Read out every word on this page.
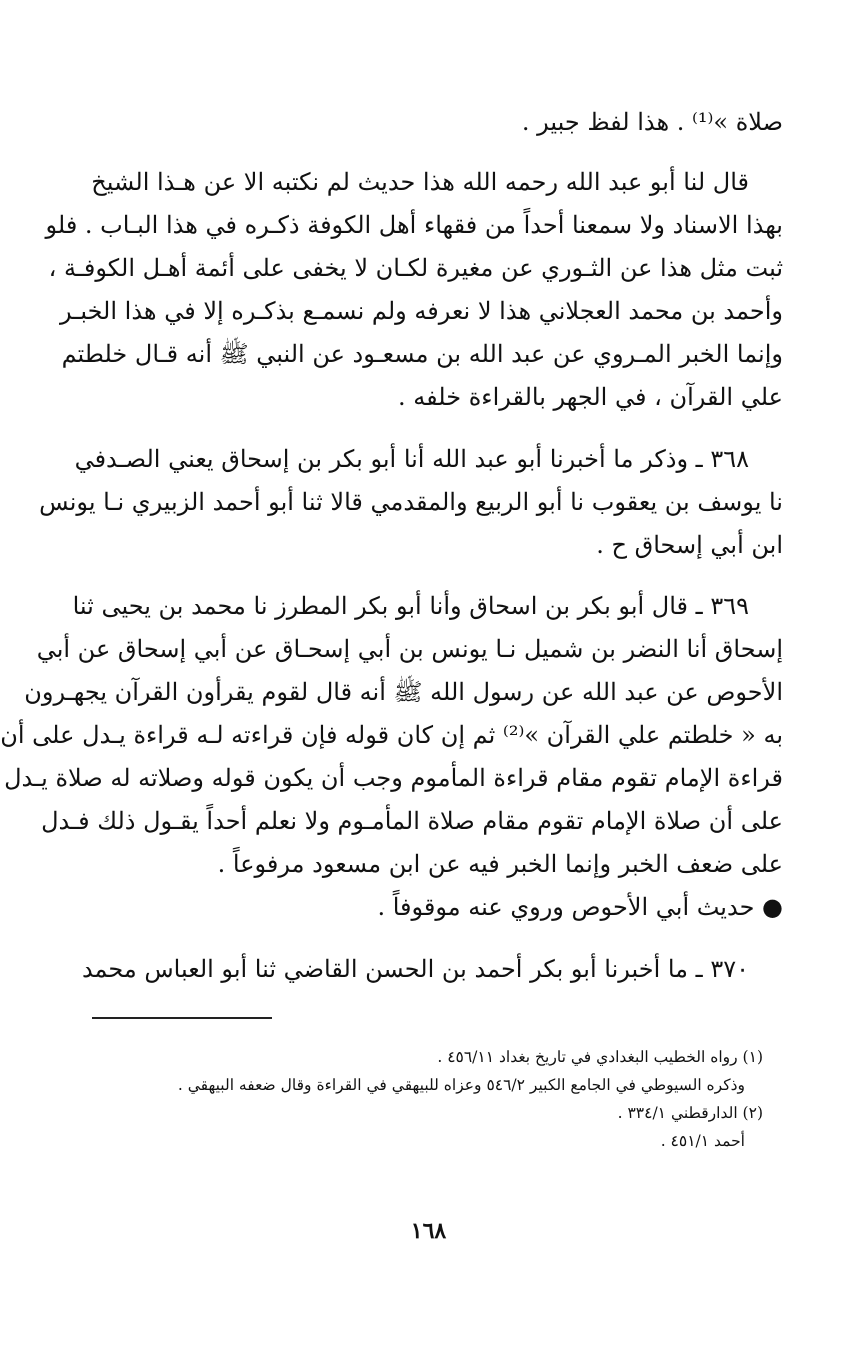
صلاة »⁽¹⁾ . هذا لفظ جبير .
قال لنا أبو عبد الله رحمه الله هذا حديث لم نكتبه الا عن هـذا الشيخ
بهذا الاسناد ولا سمعنا أحداً من فقهاء أهل الكوفة ذكـره في هذا البـاب . فلو
ثبت مثل هذا عن الثـوري عن مغيرة لكـان لا يخفى على أئمة أهـل الكوفـة ،
وأحمد بن محمد العجلاني هذا لا نعرفه ولم نسمـع بذكـره إلا في هذا الخبـر
وإنما الخبر المـروي عن عبد الله بن مسعـود عن النبي ﷺ أنه قـال خلطتم
علي القرآن ، في الجهر بالقراءة خلفه .
٣٦٨ ـ وذكر ما أخبرنا أبو عبد الله أنا أبو بكر بن إسحاق يعني الصـدفي
نا يوسف بن يعقوب نا أبو الربيع والمقدمي قالا ثنا أبو أحمد الزبيري نـا يونس
ابن أبي إسحاق ح .
٣٦٩ ـ قال أبو بكر بن اسحاق وأنا أبو بكر المطرز نا محمد بن يحيى ثنا
إسحاق أنا النضر بن شميل نـا يونس بن أبي إسحـاق عن أبي إسحاق عن أبي
الأحوص عن عبد الله عن رسول الله ﷺ أنه قال لقوم يقرأون القرآن يجهـرون
به « خلطتم علي القرآن »⁽²⁾ ثم إن كان قوله فإن قراءته لـه قراءة يـدل على أن
قراءة الإمام تقوم مقام قراءة المأموم وجب أن يكون قوله وصلاته له صلاة يـدل
على أن صلاة الإمام تقوم مقام صلاة المأمـوم ولا نعلم أحداً يقـول ذلك فـدل
على ضعف الخبر وإنما الخبر فيه عن ابن مسعود مرفوعاً .
● حديث أبي الأحوص وروي عنه موقوفاً .
٣٧٠ ـ ما أخبرنا أبو بكر أحمد بن الحسن القاضي ثنا أبو العباس محمد
(١) رواه الخطيب البغدادي في تاريخ بغداد ٤٥٦/١١ .
وذكره السيوطي في الجامع الكبير ٥٤٦/٢ وعزاه للبيهقي في القراءة وقال ضعفه البيهقي .
(٢) الدارقطني ٣٣٤/١ .
أحمد ٤٥١/١ .
١٦٨
